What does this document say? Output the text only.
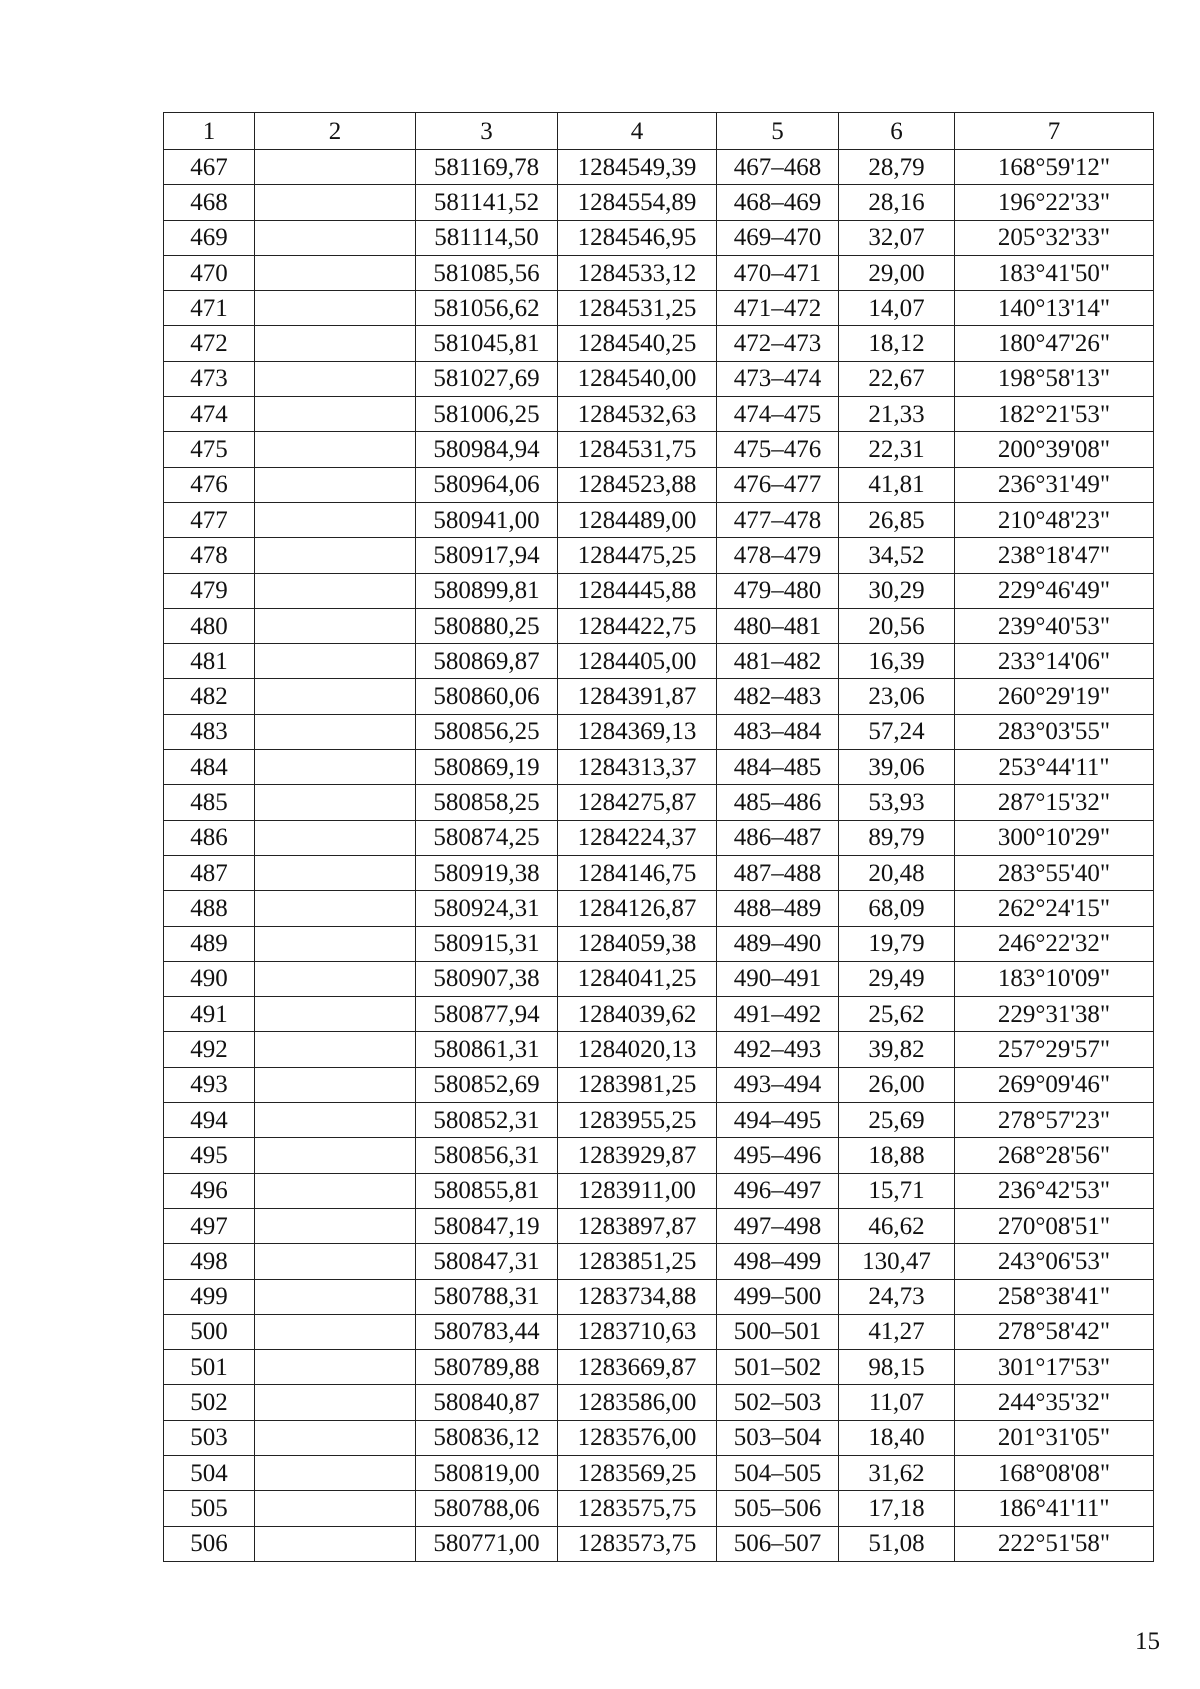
1	2	3	4	5	6	7
467		581169,78	1284549,39	467–468	28,79	168°59'12"
468		581141,52	1284554,89	468–469	28,16	196°22'33"
469		581114,50	1284546,95	469–470	32,07	205°32'33"
470		581085,56	1284533,12	470–471	29,00	183°41'50"
471		581056,62	1284531,25	471–472	14,07	140°13'14"
472		581045,81	1284540,25	472–473	18,12	180°47'26"
473		581027,69	1284540,00	473–474	22,67	198°58'13"
474		581006,25	1284532,63	474–475	21,33	182°21'53"
475		580984,94	1284531,75	475–476	22,31	200°39'08"
476		580964,06	1284523,88	476–477	41,81	236°31'49"
477		580941,00	1284489,00	477–478	26,85	210°48'23"
478		580917,94	1284475,25	478–479	34,52	238°18'47"
479		580899,81	1284445,88	479–480	30,29	229°46'49"
480		580880,25	1284422,75	480–481	20,56	239°40'53"
481		580869,87	1284405,00	481–482	16,39	233°14'06"
482		580860,06	1284391,87	482–483	23,06	260°29'19"
483		580856,25	1284369,13	483–484	57,24	283°03'55"
484		580869,19	1284313,37	484–485	39,06	253°44'11"
485		580858,25	1284275,87	485–486	53,93	287°15'32"
486		580874,25	1284224,37	486–487	89,79	300°10'29"
487		580919,38	1284146,75	487–488	20,48	283°55'40"
488		580924,31	1284126,87	488–489	68,09	262°24'15"
489		580915,31	1284059,38	489–490	19,79	246°22'32"
490		580907,38	1284041,25	490–491	29,49	183°10'09"
491		580877,94	1284039,62	491–492	25,62	229°31'38"
492		580861,31	1284020,13	492–493	39,82	257°29'57"
493		580852,69	1283981,25	493–494	26,00	269°09'46"
494		580852,31	1283955,25	494–495	25,69	278°57'23"
495		580856,31	1283929,87	495–496	18,88	268°28'56"
496		580855,81	1283911,00	496–497	15,71	236°42'53"
497		580847,19	1283897,87	497–498	46,62	270°08'51"
498		580847,31	1283851,25	498–499	130,47	243°06'53"
499		580788,31	1283734,88	499–500	24,73	258°38'41"
500		580783,44	1283710,63	500–501	41,27	278°58'42"
501		580789,88	1283669,87	501–502	98,15	301°17'53"
502		580840,87	1283586,00	502–503	11,07	244°35'32"
503		580836,12	1283576,00	503–504	18,40	201°31'05"
504		580819,00	1283569,25	504–505	31,62	168°08'08"
505		580788,06	1283575,75	505–506	17,18	186°41'11"
506		580771,00	1283573,75	506–507	51,08	222°51'58"
15
